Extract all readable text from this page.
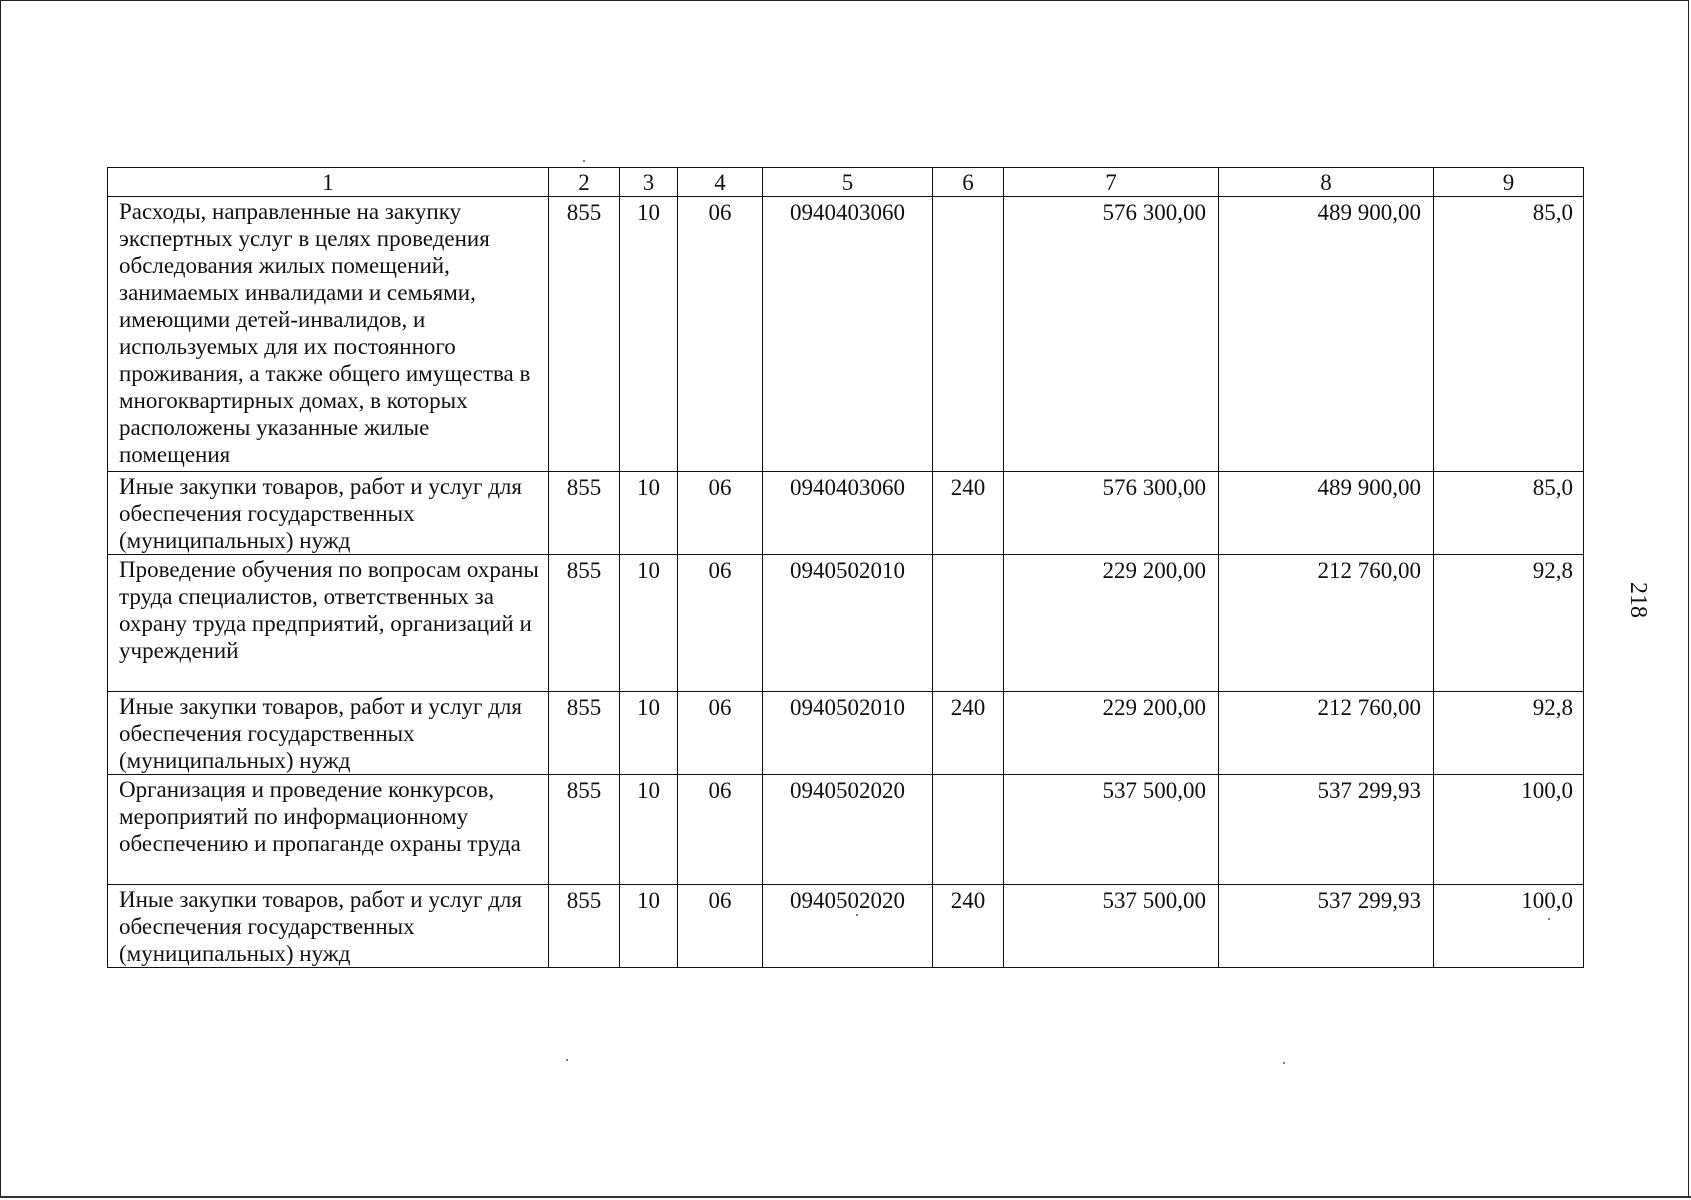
1	2	3	4	5	6	7	8	9
Расходы, направленные на закупку экспертных услуг в целях проведения обследования жилых помещений, занимаемых инвалидами и семьями, имеющими детей-инвалидов, и используемых для их постоянного проживания, а также общего имущества в многоквартирных домах, в которых расположены указанные жилые помещения	855	10	06	0940403060		576 300,00	489 900,00	85,0
Иные закупки товаров, работ и услуг для обеспечения государственных (муниципальных) нужд	855	10	06	0940403060	240	576 300,00	489 900,00	85,0
Проведение обучения по вопросам охраны труда специалистов, ответственных за охрану труда предприятий, организаций и учреждений	855	10	06	0940502010		229 200,00	212 760,00	92,8
Иные закупки товаров, работ и услуг для обеспечения государственных (муниципальных) нужд	855	10	06	0940502010	240	229 200,00	212 760,00	92,8
Организация и проведение конкурсов, мероприятий по информационному обеспечению и пропаганде охраны труда	855	10	06	0940502020		537 500,00	537 299,93	100,0
Иные закупки товаров, работ и услуг для обеспечения государственных (муниципальных) нужд	855	10	06	0940502020	240	537 500,00	537 299,93	100,0
218
